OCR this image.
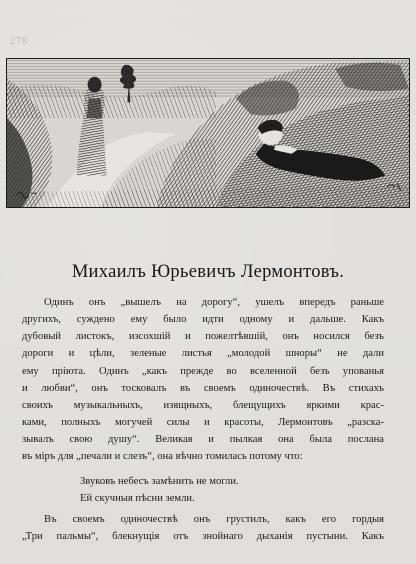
278
Михаилъ Юрьевичъ Лермонтовъ.
Одинъ онъ „вышелъ на дорогу“, ушелъ впередъ раньше
другихъ, суждено ему было идти одному и дальше. Какъ
дубовый листокъ, изсохшій и пожелтѣвшій, онъ носился безъ
дороги и цѣли, зеленые листья „молодой шноры“ не дали
ему пріюта. Одинъ „какъ прежде во вселенной безъ упованья
и любви“, онъ тосковалъ въ своемъ одиночествѣ. Въ стихахъ
своихъ музыкальныхъ, изящныхъ, блещущихъ яркими крас-
ками, полныхъ могучей силы и красоты, Лермонтовъ „разска-
зывалъ свою душу“. Великая и пылкая она была послана
въ міръ для „печали и слезъ“, она вѣчно томилась потому что:
Звуковъ небесъ замѣнить не могли.
Ей скучныя пѣсни земли.
Въ своемъ одиночествѣ онъ грустилъ, какъ его гордыя
„Три пальмы“, блекнущія отъ знойнаго дыханія пустыни. Какъ
